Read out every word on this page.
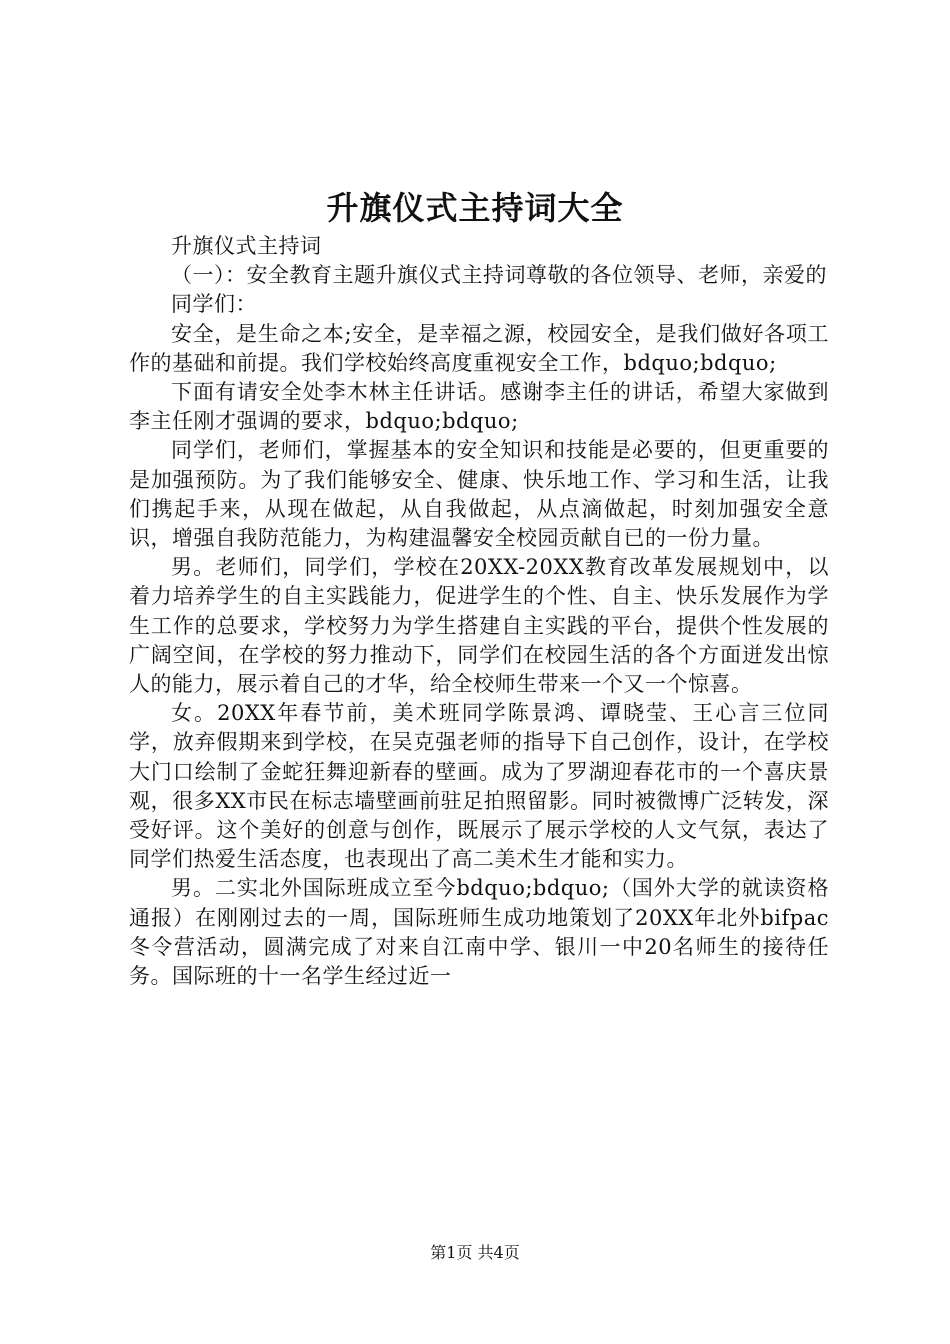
升旗仪式主持词大全

升旗仪式主持词

（一）：安全教育主题升旗仪式主持词尊敬的各位领导、老师，亲爱的

同学们：

安全，是生命之本;安全，是幸福之源，校园安全，是我们做好各项工作的基础和前提。我们学校始终高度重视安全工作，bdquo;bdquo;

下面有请安全处李木林主任讲话。感谢李主任的讲话，希望大家做到李主任刚才强调的要求，bdquo;bdquo;

同学们，老师们，掌握基本的安全知识和技能是必要的，但更重要的是加强预防。为了我们能够安全、健康、快乐地工作、学习和生活，让我们携起手来，从现在做起，从自我做起，从点滴做起，时刻加强安全意识，增强自我防范能力，为构建温馨安全校园贡献自已的一份力量。

男。老师们，同学们，学校在20XX-20XX教育改革发展规划中，以着力培养学生的自主实践能力，促进学生的个性、自主、快乐发展作为学生工作的总要求，学校努力为学生搭建自主实践的平台，提供个性发展的广阔空间，在学校的努力推动下，同学们在校园生活的各个方面迸发出惊人的能力，展示着自己的才华，给全校师生带来一个又一个惊喜。

女。20XX年春节前，美术班同学陈景鸿、谭晓莹、王心言三位同学，放弃假期来到学校，在吴克强老师的指导下自己创作，设计，在学校大门口绘制了金蛇狂舞迎新春的壁画。成为了罗湖迎春花市的一个喜庆景观，很多XX市民在标志墙壁画前驻足拍照留影。同时被微博广泛转发，深受好评。这个美好的创意与创作，既展示了展示学校的人文气氛，表达了同学们热爱生活态度，也表现出了高二美术生才能和实力。

男。二实北外国际班成立至今bdquo;bdquo;（国外大学的就读资格通报）在刚刚过去的一周，国际班师生成功地策划了20XX年北外bifpac冬令营活动，圆满完成了对来自江南中学、银川一中20名师生的接待任务。国际班的十一名学生经过近一

第1页 共4页
